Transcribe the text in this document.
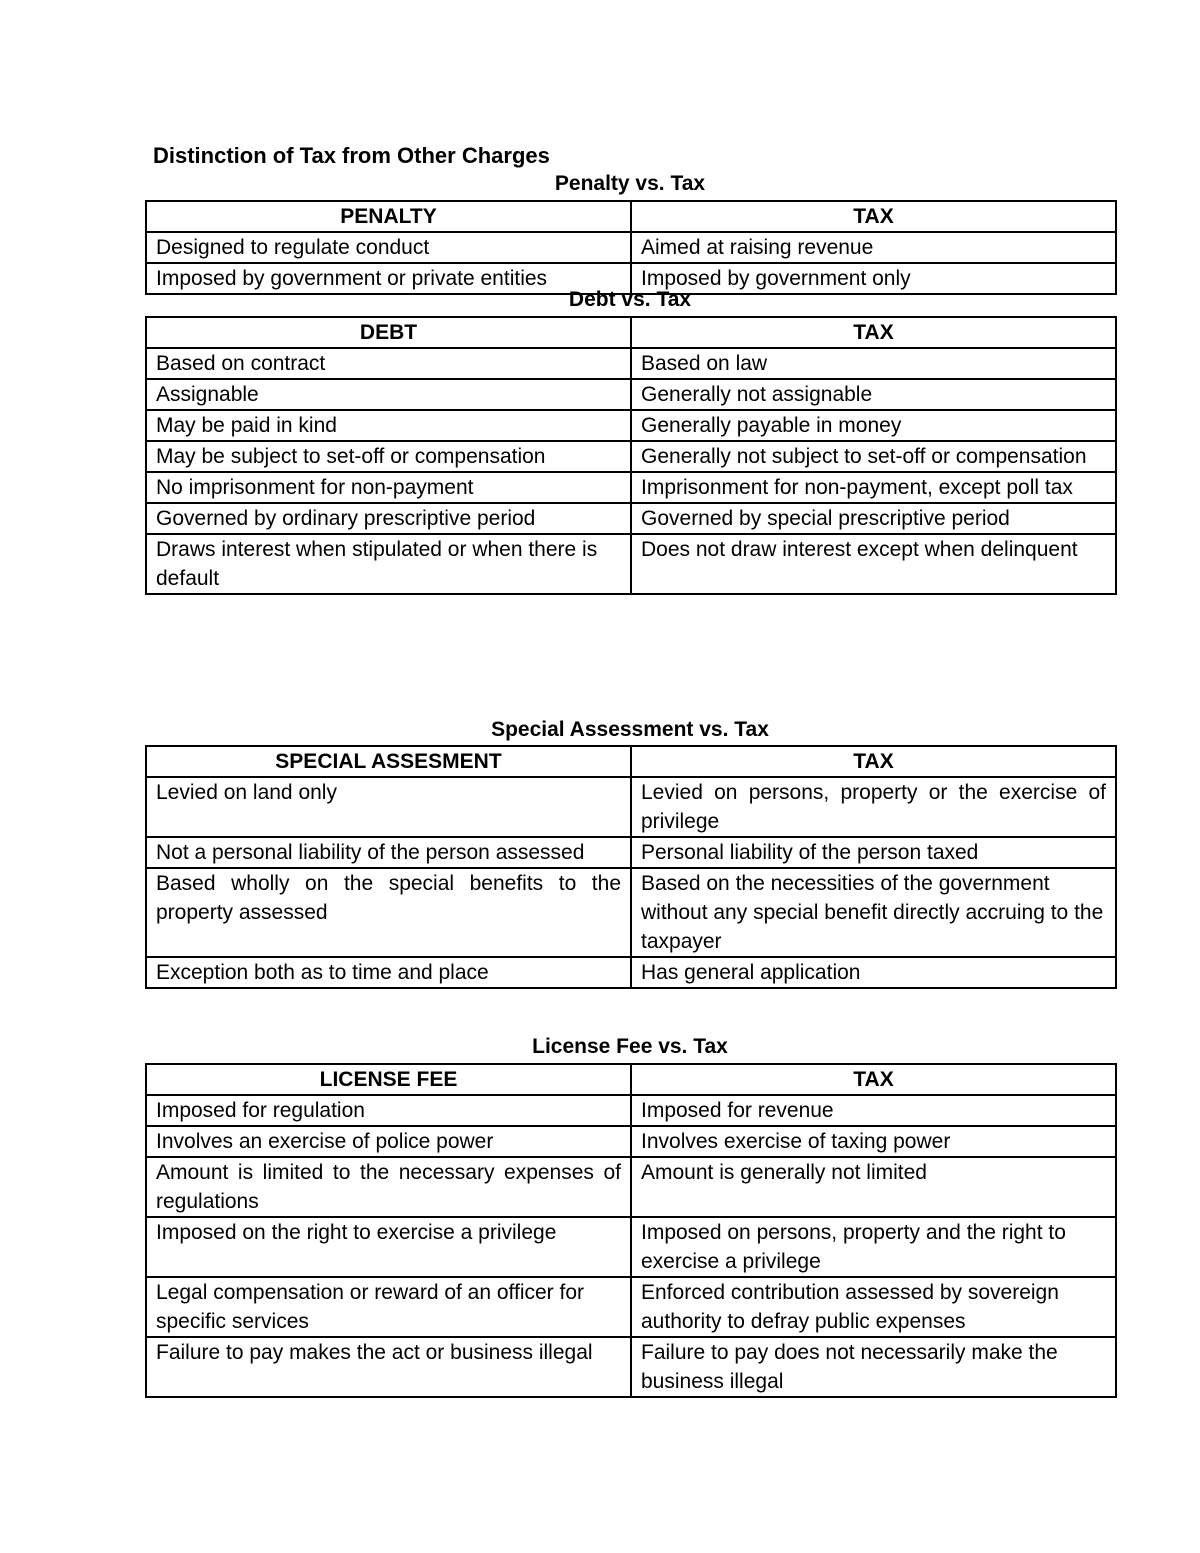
Distinction of Tax from Other Charges
Penalty vs. Tax
PENALTY	TAX
Designed to regulate conduct	Aimed at raising revenue
Imposed by government or private entities	Imposed by government only
Debt vs. Tax
DEBT	TAX
Based on contract	Based on law
Assignable	Generally not assignable
May be paid in kind	Generally payable in money
May be subject to set-off or compensation	Generally not subject to set-off or compensation
No imprisonment for non-payment	Imprisonment for non-payment, except poll tax
Governed by ordinary prescriptive period	Governed by special prescriptive period
Draws interest when stipulated or when there is default	Does not draw interest except when delinquent
Special Assessment vs. Tax
SPECIAL ASSESMENT	TAX
Levied on land only	Levied on persons, property or the exercise of privilege
Not a personal liability of the person assessed	Personal liability of the person taxed
Based wholly on the special benefits to the property assessed	Based on the necessities of the government without any special benefit directly accruing to the taxpayer
Exception both as to time and place	Has general application
License Fee vs. Tax
LICENSE FEE	TAX
Imposed for regulation	Imposed for revenue
Involves an exercise of police power	Involves exercise of taxing power
Amount is limited to the necessary expenses of regulations	Amount is generally not limited
Imposed on the right to exercise a privilege	Imposed on persons, property and the right to exercise a privilege
Legal compensation or reward of an officer for specific services	Enforced contribution assessed by sovereign authority to defray public expenses
Failure to pay makes the act or business illegal	Failure to pay does not necessarily make the business illegal
